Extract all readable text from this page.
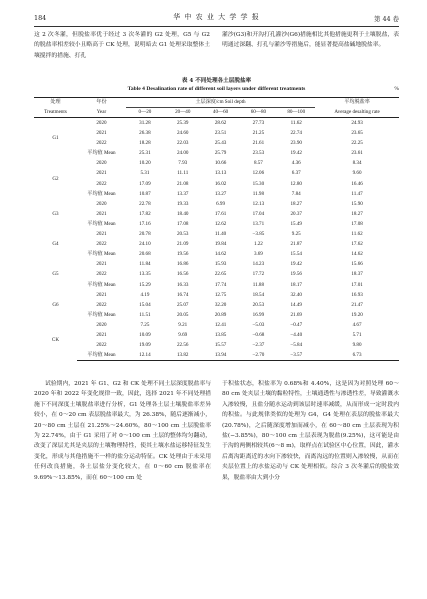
184	华 中 农 业 大 学 学 报	第 44 卷

这 2 次冬灌，但脱盐率优于经过 3 次冬灌的 G2 处理，G5 与 G2 的脱盐率相差较小且略高于 CK 处理，说明暗去 G1 处理采取整体土壤搅拌的措施、打孔

灌沙(G3)和开沟打孔灌沙(G6)措施相比其他措施更利于土壤脱盐，表明通过深翻、打孔与灌沙等措施后，能显著提高盐碱地脱盐率。

表 4 不同处理各土层脱盐率
Table 4 Desalination rate of different soil layers under different treatments	%
处理	年份	土层深度/cm Soil depth					平均脱盐率
Treatments	Year	0—20	20—40	40—60	60—80	80—100	Average desalting rate
G1	2020	31.28	25.39	28.62	27.73	11.62	24.93
	2021	26.38	24.60	23.51	21.25	22.74	23.65
	2022	18.28	22.03	25.43	21.61	23.90	22.25
	平均值 Mean	25.31	24.00	25.79	23.53	19.42	23.61
G2	2020	10.20	7.93	10.66	8.57	4.36	8.34
	2021	5.31	11.11	13.13	12.06	6.37	9.60
	2022	17.09	21.08	16.02	15.30	12.80	16.46
	平均值 Mean	10.87	13.37	13.27	11.98	7.84	11.47
G3	2020	22.78	19.33	6.99	12.13	18.27	15.90
	2021	17.82	18.40	17.61	17.04	20.37	18.27
	平均值 Mean	17.16	17.08	12.62	13.71	15.49	17.08
G4	2021	20.78	20.53	11.40	−3.85	9.25	11.62
	2022	24.10	21.09	19.84	1.22	21.87	17.62
	平均值 Mean	20.68	19.56	14.62	3.69	15.54	14.62
G5	2021	11.84	16.86	15.93	14.23	19.42	15.66
	2022	13.35	16.56	22.65	17.72	19.56	18.37
	平均值 Mean	15.29	16.33	17.74	11.88	18.17	17.01
G6	2021	4.19	16.74	12.75	18.54	32.40	16.93
	2022	15.04	25.07	32.20	20.53	14.49	21.47
	平均值 Mean	11.51	20.05	20.89	16.99	21.69	19.20
CK	2020	7.25	9.21	12.41	−5.03	−0.47	4.67
	2021	10.09	9.69	13.85	−0.68	−4.40	5.71
	2022	19.09	22.56	15.57	−2.37	−5.84	9.80
	平均值 Mean	12.14	13.82	13.94	−2.70	−3.57	6.73

试验期内，2021 年 G1、G2 和 CK 处理不同土层深度脱盐率与 2020 年和 2022 年变化规律一致，因此，选择 2021 年不同处理措施下不同深度土壤脱盐率进行分析，G1 处理各土层土壤脱盐率差异较小，在 0～20 cm 表层脱盐率最大，为 26.38%，随后逐渐减小，20～80 cm 土层在 21.25%～24.60%，80～100 cm 土层脱盐率为 22.74%，由于 G1 采用了对 0～100 cm 土层的整体均匀翻动，改变了深层尤其是夹层的土壤物理特性，使其土壤水盐运移特征发生变化，形成与其他措施不一样的盐分运动特征。CK 处理由于未采用任何改良措施，各土层盐分变化较大，在 0～60 cm 脱盐率在 9.69%～13.85%，而在 60～100 cm 处

于积盐状态，积盐率为 0.68%和 4.40%，这是因为对照处理 60～80 cm 处夹层土壤的黏粒特性，土壤通透性与渗透性差，导致灌溉水入渗较慢，且盐分随水运动到该层时速率减缓，从而形成一定时段内的积盐。与此规律类似的处理为 G4，G4 处理在表层的脱盐率最大(20.78%)，之后随深度增加而减小，在 60～80 cm 土层表现为积盐(−3.85%)，80～100 cm 土层表现为脱盐(9.25%)，这可能是由于沟的两侧相较其(6～8 m)，取样点在试验区中心位置，因此，灌水后离沟距离近的水向下渗较快，而离沟远的位置则入渗较慢，从而在夹层位置上的水盐运动与 CK 处理相似。综合 3 次冬灌后的脱盐效果，脱盐率由大到小分
